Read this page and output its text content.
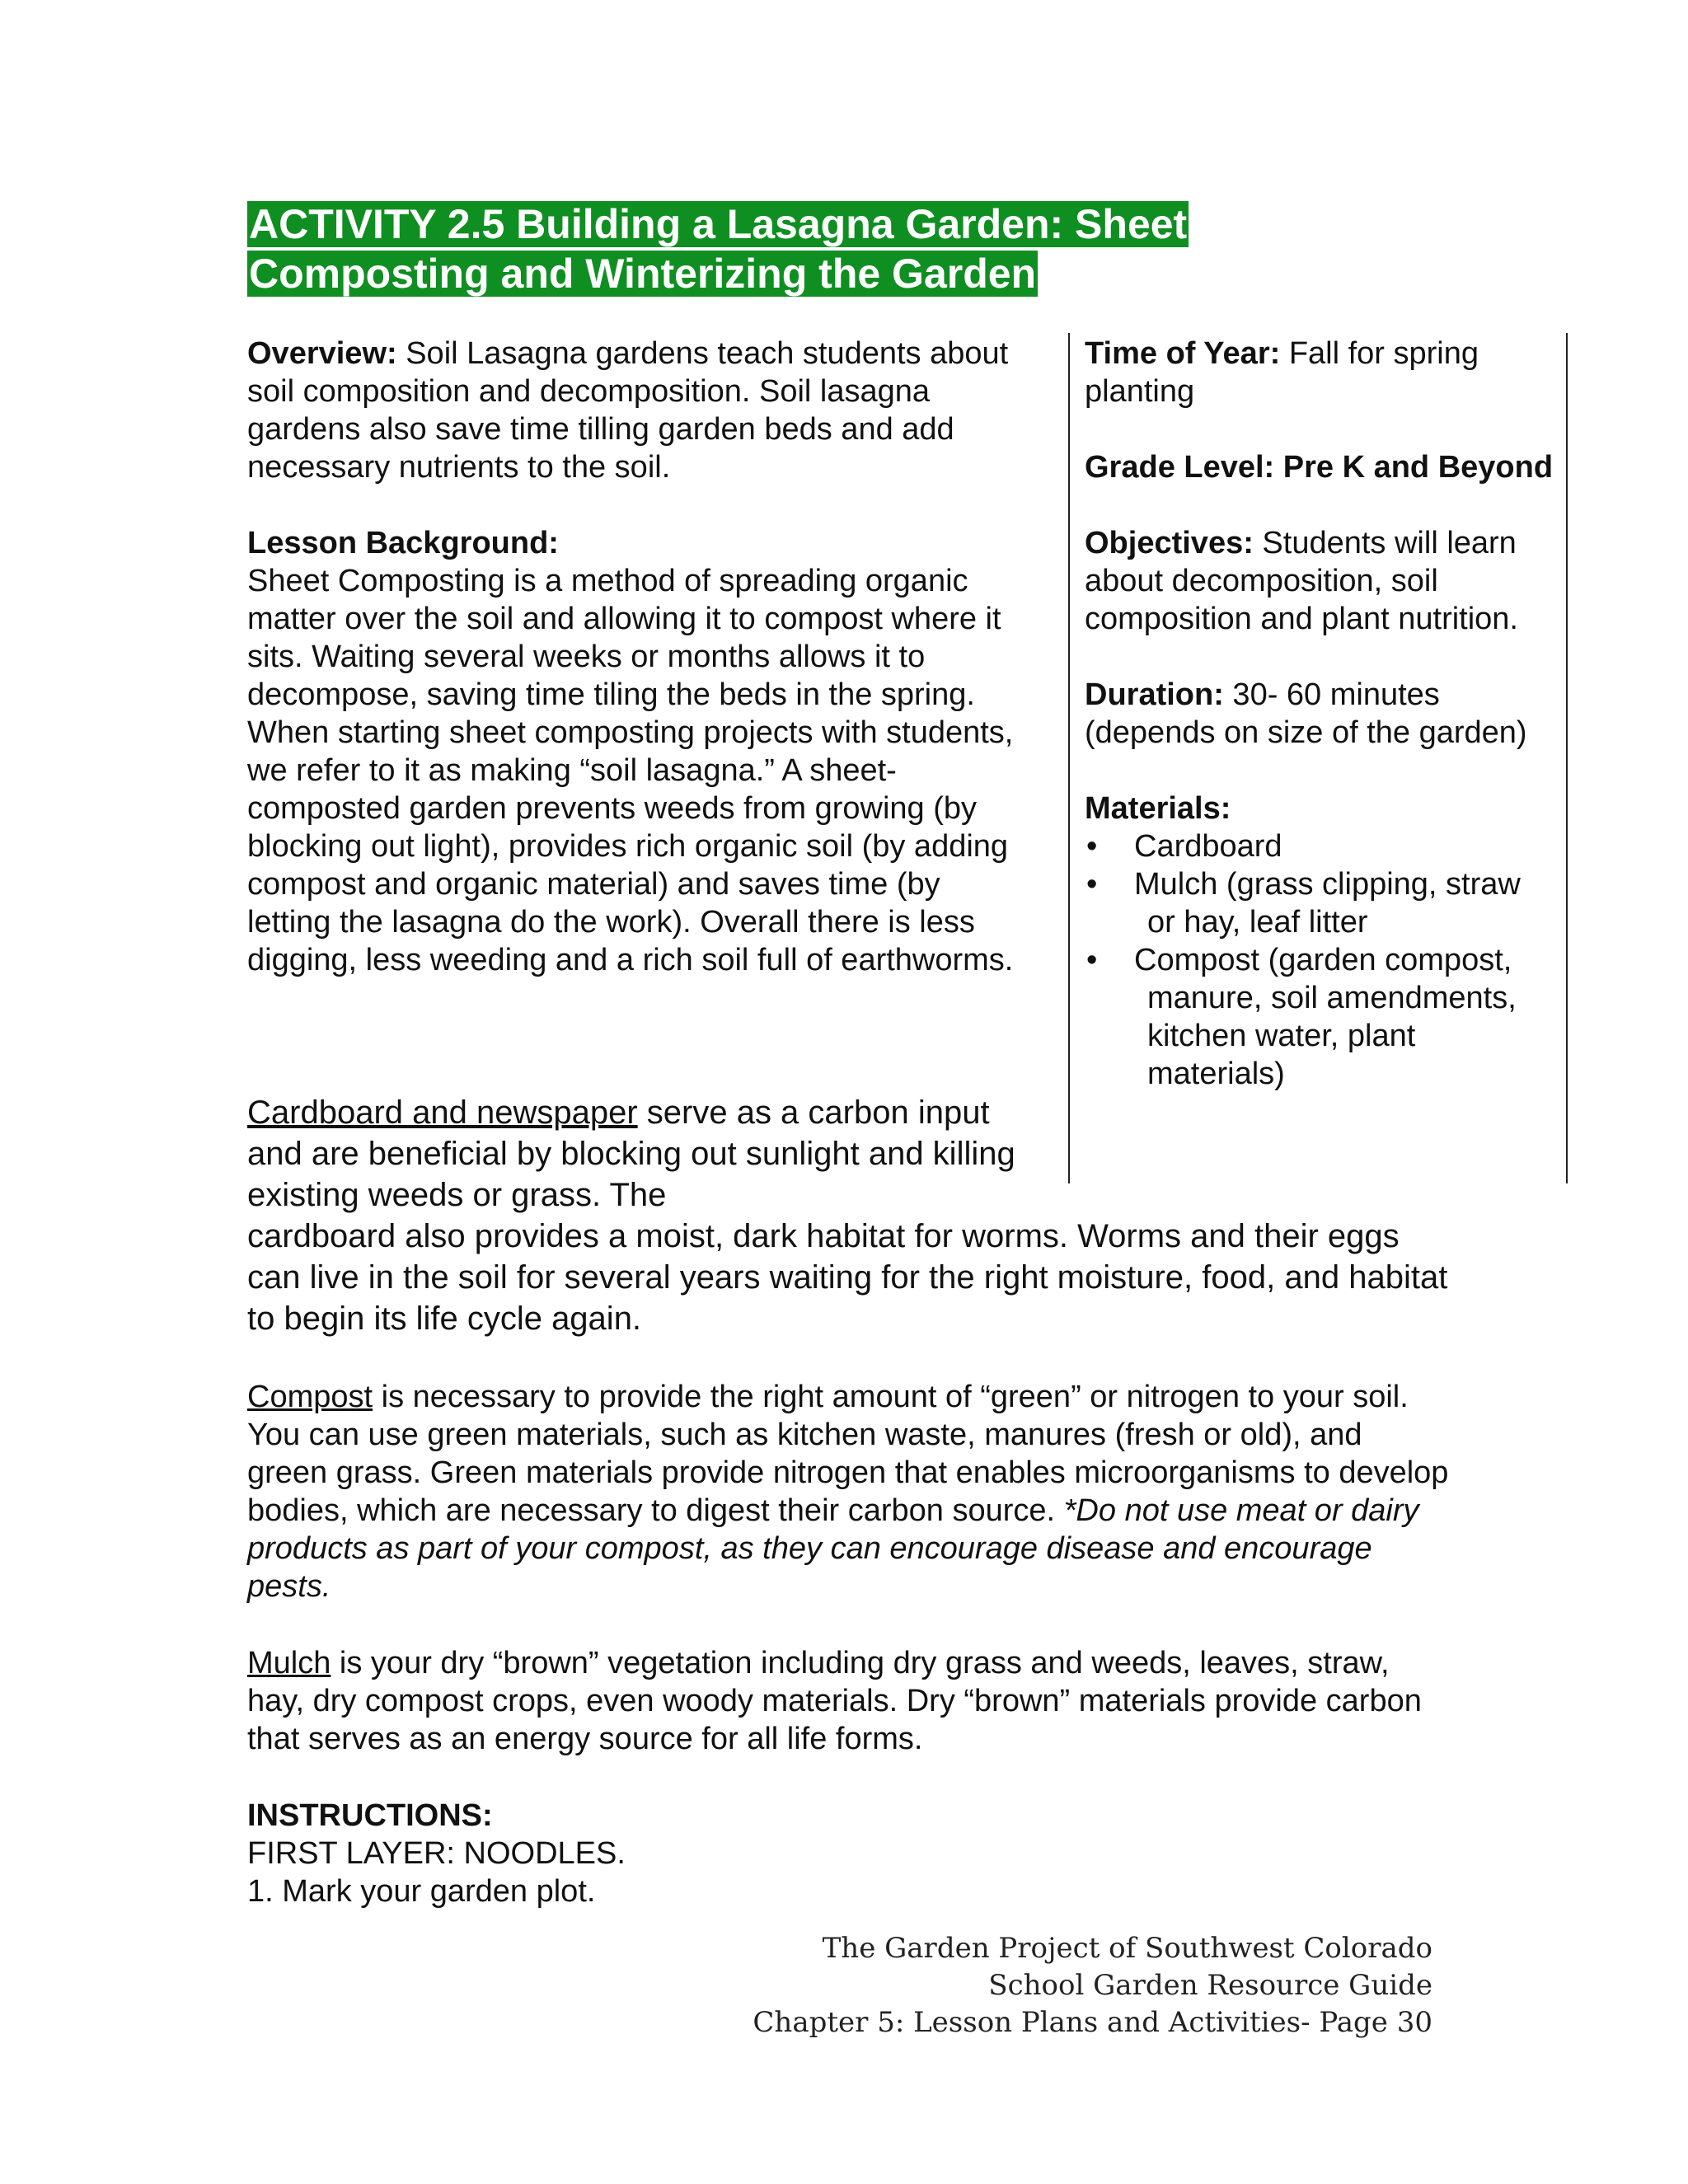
ACTIVITY 2.5 Building a Lasagna Garden: Sheet
Composting and Winterizing the Garden

Overview: Soil Lasagna gardens teach students about soil composition and decomposition. Soil lasagna gardens also save time tilling garden beds and add necessary nutrients to the soil.

Lesson Background:

Sheet Composting is a method of spreading organic matter over the soil and allowing it to compost where it sits. Waiting several weeks or months allows it to decompose, saving time tiling the beds in the spring. When starting sheet composting projects with students, we refer to it as making “soil lasagna.” A sheet-composted garden prevents weeds from growing (by blocking out light), provides rich organic soil (by adding compost and organic material) and saves time (by letting the lasagna do the work). Overall there is less digging, less weeding and a rich soil full of earthworms.

Cardboard and newspaper serve as a carbon input and are beneficial by blocking out sunlight and killing existing weeds or grass. The
cardboard also provides a moist, dark habitat for worms. Worms and their eggs can live in the soil for several years waiting for the right moisture, food, and habitat to begin its life cycle again.

Compost is necessary to provide the right amount of “green” or nitrogen to your soil. You can use green materials, such as kitchen waste, manures (fresh or old), and green grass. Green materials provide nitrogen that enables microorganisms to develop bodies, which are necessary to digest their carbon source. *Do not use meat or dairy products as part of your compost, as they can encourage disease and encourage pests.

Mulch is your dry “brown” vegetation including dry grass and weeds, leaves, straw, hay, dry compost crops, even woody materials. Dry “brown” materials provide carbon that serves as an energy source for all life forms.

INSTRUCTIONS:

FIRST LAYER: NOODLES.

1. Mark your garden plot.

Time of Year: Fall for spring planting

Grade Level: Pre K and Beyond

Objectives: Students will learn about decomposition, soil composition and plant nutrition.

Duration: 30- 60 minutes (depends on size of the garden)

Materials:

• Cardboard
• Mulch (grass clipping, straw
or hay, leaf litter
• Compost (garden compost,
manure, soil amendments,
kitchen water, plant
materials)
The Garden Project of Southwest Colorado
School Garden Resource Guide
Chapter 5: Lesson Plans and Activities- Page 30
